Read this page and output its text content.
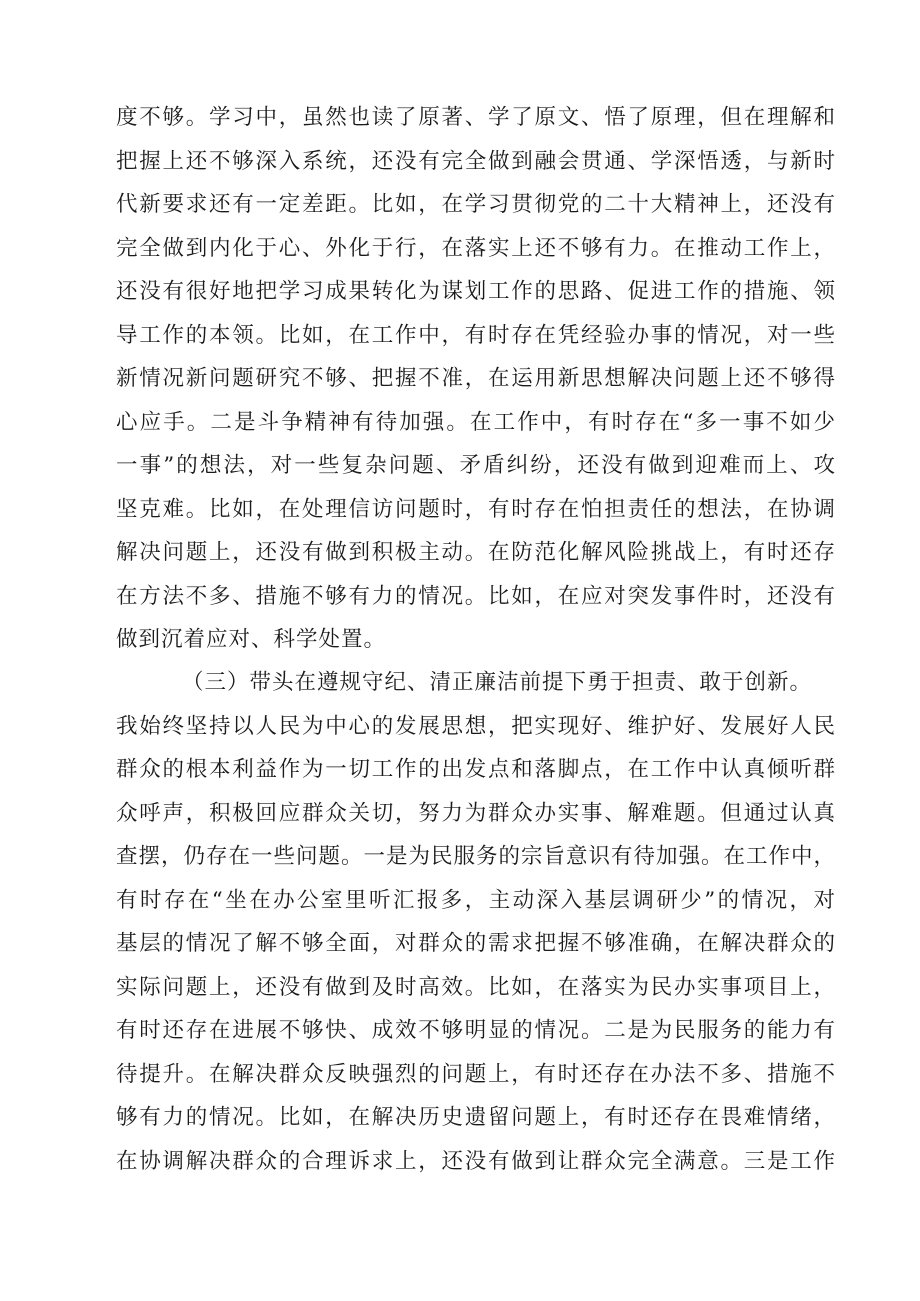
度不够。学习中，虽然也读了原著、学了原文、悟了原理，但在理解和
把握上还不够深入系统，还没有完全做到融会贯通、学深悟透，与新时
代新要求还有一定差距。比如，在学习贯彻党的二十大精神上，还没有
完全做到内化于心、外化于行，在落实上还不够有力。在推动工作上，
还没有很好地把学习成果转化为谋划工作的思路、促进工作的措施、领
导工作的本领。比如，在工作中，有时存在凭经验办事的情况，对一些
新情况新问题研究不够、把握不准，在运用新思想解决问题上还不够得
心应手。二是斗争精神有待加强。在工作中，有时存在“多一事不如少
一事”的想法，对一些复杂问题、矛盾纠纷，还没有做到迎难而上、攻
坚克难。比如，在处理信访问题时，有时存在怕担责任的想法，在协调
解决问题上，还没有做到积极主动。在防范化解风险挑战上，有时还存
在方法不多、措施不够有力的情况。比如，在应对突发事件时，还没有
做到沉着应对、科学处置。
（三）带头在遵规守纪、清正廉洁前提下勇于担责、敢于创新。
我始终坚持以人民为中心的发展思想，把实现好、维护好、发展好人民
群众的根本利益作为一切工作的出发点和落脚点，在工作中认真倾听群
众呼声，积极回应群众关切，努力为群众办实事、解难题。但通过认真
查摆，仍存在一些问题。一是为民服务的宗旨意识有待加强。在工作中，
有时存在“坐在办公室里听汇报多，主动深入基层调研少”的情况，对
基层的情况了解不够全面，对群众的需求把握不够准确，在解决群众的
实际问题上，还没有做到及时高效。比如，在落实为民办实事项目上，
有时还存在进展不够快、成效不够明显的情况。二是为民服务的能力有
待提升。在解决群众反映强烈的问题上，有时还存在办法不多、措施不
够有力的情况。比如，在解决历史遗留问题上，有时还存在畏难情绪，
在协调解决群众的合理诉求上，还没有做到让群众完全满意。三是工作
